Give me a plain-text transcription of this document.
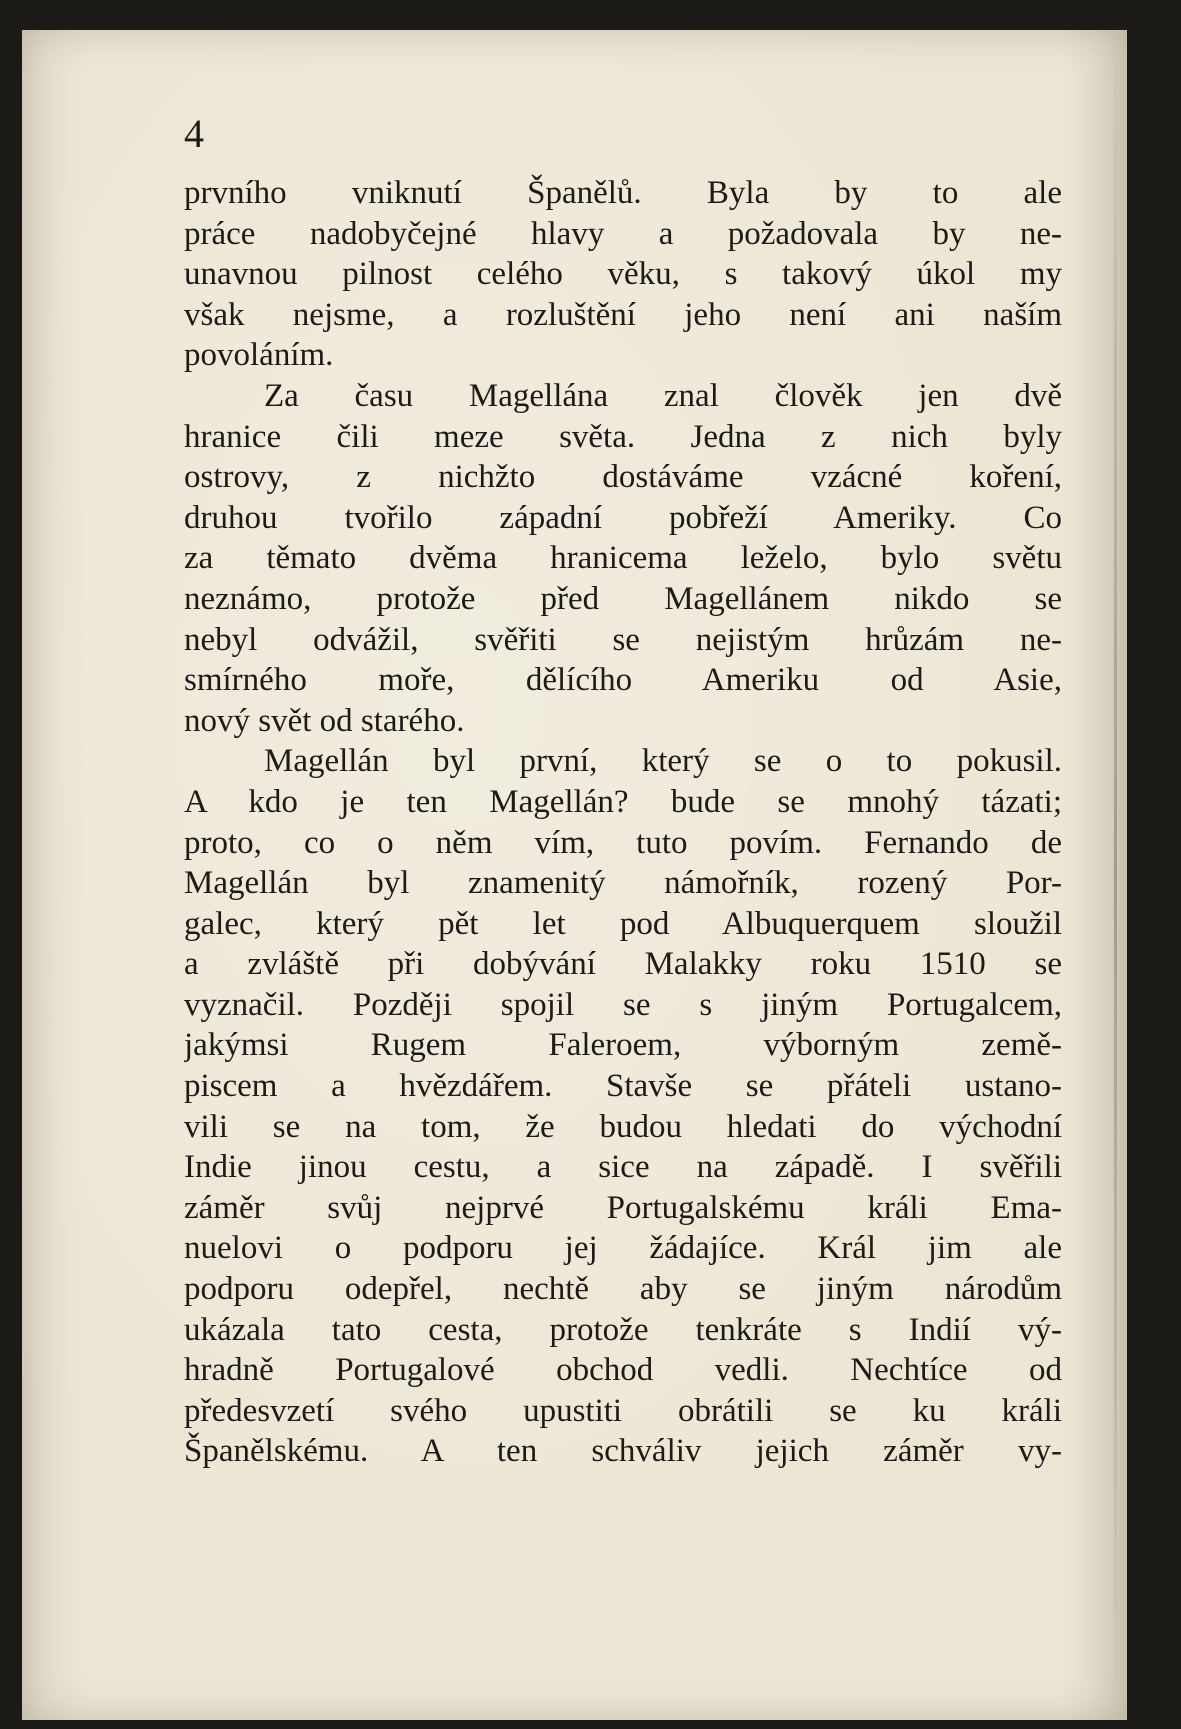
4

prvního vniknutí Španělů. Byla by to ale
práce nadobyčejné hlavy a požadovala by ne-
unavnou pilnost celého věku, s takový úkol my
však nejsme, a rozluštění jeho není ani naším
povoláním.
Za času Magellána znal člověk jen dvě
hranice čili meze světa. Jedna z nich byly
ostrovy, z nichžto dostáváme vzácné koření,
druhou tvořilo západní pobřeží Ameriky. Co
za těmato dvěma hranicema leželo, bylo světu
neznámo, protože před Magellánem nikdo se
nebyl odvážil, svěřiti se nejistým hrůzám ne-
smírného moře, dělícího Ameriku od Asie,
nový svět od starého.
Magellán byl první, který se o to pokusil.
A kdo je ten Magellán? bude se mnohý tázati;
proto, co o něm vím, tuto povím. Fernando de
Magellán byl znamenitý námořník, rozený Por-
galec, který pět let pod Albuquerquem sloužil
a zvláště při dobývání Malakky roku 1510 se
vyznačil. Později spojil se s jiným Portugalcem,
jakýmsi Rugem Faleroem, výborným země-
piscem a hvězdářem. Stavše se přáteli ustano-
vili se na tom, že budou hledati do východní
Indie jinou cestu, a sice na západě. I svěřili
záměr svůj nejprvé Portugalskému králi Ema-
nuelovi o podporu jej žádajíce. Král jim ale
podporu odepřel, nechtě aby se jiným národům
ukázala tato cesta, protože tenkráte s Indií vý-
hradně Portugalové obchod vedli. Nechtíce od
předesvzetí svého upustiti obrátili se ku králi
Španělskému. A ten schváliv jejich záměr vy-
